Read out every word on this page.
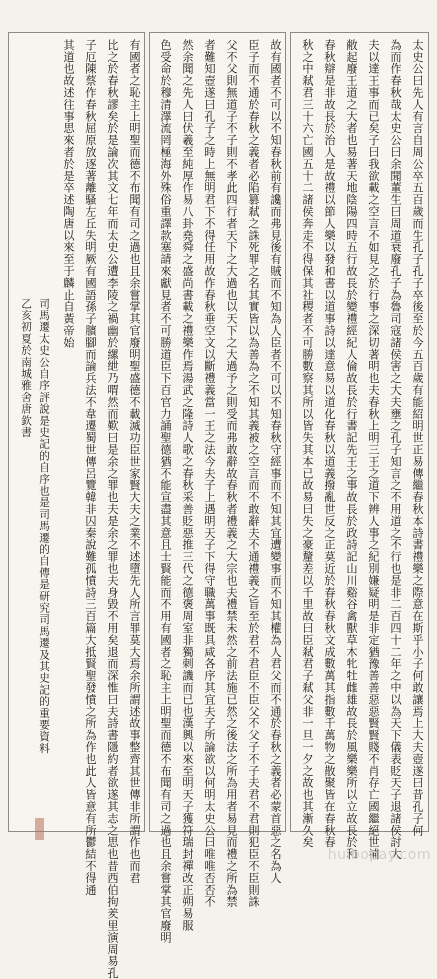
太史公曰先人有言自周公卒五百歲而生孔子孔子卒後至於今五百歲有能紹明世正易傳繼春秋本詩書禮樂之際意在斯乎小子何敢讓焉上大夫壺遂曰昔孔子何
為而作春秋哉太史公曰余聞董生曰周道衰廢孔子為魯司寇諸侯害之大夫壅之孔子知言之不用道之不行也是非二百四十二年之中以為天下儀表貶天子退諸侯討大
夫以達王事而已矣子曰我欲載之空言不如見之於行事之深切著明也夫春秋上明三王之道下辨人事之紀別嫌疑明是非定猶豫善善惡惡賢賢賤不肖存亡國繼絕世補
敝起廢王道之大者也易著天地陰陽四時五行故長於變禮經紀人倫故長於行書記先王之事故長於政詩記山川谿谷禽獸草木牝牡雌雄故長於風樂樂所以立故長於和
春秋辯是非故長於治人是故禮以節人樂以發和書以道事詩以達意易以道化春秋以道義撥亂世反之正莫近於春秋春秋文成數萬其指數千萬物之散聚皆在春秋春
秋之中弒君三十六亡國五十二諸侯奔走不得保其社稷者不可勝數察其所以皆失其本已故易曰失之豪釐差以千里故曰臣弒君子弒父非一旦一夕之故也其漸久矣
故有國者不可以不知春秋前有讒而弗見後有賊而不知為人臣者不可以不知春秋守經事而不知其宜遭變事而不知其權為人君父而不通於春秋之義者必蒙首惡之名為人
臣子而不通於春秋之義者必陷篡弒之誅死罪之名其實皆以為善為之不知其義被之空言而不敢辭夫不通禮義之旨至於君不君臣不臣父不父子不子夫君不君則犯臣不臣則誅
父不父則無道子不子則不孝此四行者天下之大過也以天下之大過予之則受而弗敢辭故春秋者禮義之大宗也夫禮禁未然之前法施已然之後法之所為用者易見而禮之所為禁
者難知壺遂曰孔子之時上無明君下不得任用故作春秋垂空文以斷禮義當一王之法今夫子上遇明天子下得守職萬事既具咸各序其宜夫子所論欲以何明太史公曰唯唯否否不
然余聞之先人曰伏羲至純厚作易八卦堯舜之盛尚書載之禮樂作焉湯武之隆詩人歌之春秋采善貶惡推三代之德褒周室非獨刺譏而已也漢興以來至明天子獲符瑞封禪改正朔易服
色受命於穆清澤流罔極海外殊俗重譯款塞請來獻見者不可勝道臣下百官力誦聖德猶不能宣盡其意且士賢能而不用有國者之恥主上明聖而德不布聞有司之過也且余嘗掌其官廢明
有國者之恥主上明聖而德不布聞有司之過也且余嘗掌其官廢明聖盛德不載滅功臣世家賢大夫之業不述墮先人所言罪莫大焉余所謂述故事整齊其世傳非所謂作也而君
比之於春秋謬矣於是論次其文七年而太史公遭李陵之禍幽於縲紲乃喟然而歎曰是余之罪也夫是余之罪也夫身毀不用矣退而深惟曰夫詩書隱約者欲遂其志之思也昔西伯拘羑里演周易孔
子厄陳蔡作春秋屈原放逐著離騷左丘失明厥有國語孫子臏腳而論兵法不韋遷蜀世傳呂覽韓非囚秦說難孤憤詩三百篇大抵賢聖發憤之所為作也此人皆意有所鬱結不得通
其道也故述往事思來者於是卒述陶唐以來至于麟止自黃帝始
司馬遷太史公自序評說是史記的自序也是司馬遷的自傳是研究司馬遷及其史記的重要資料
乙亥初夏於南城雅舍唐欽書
huibopay.com
